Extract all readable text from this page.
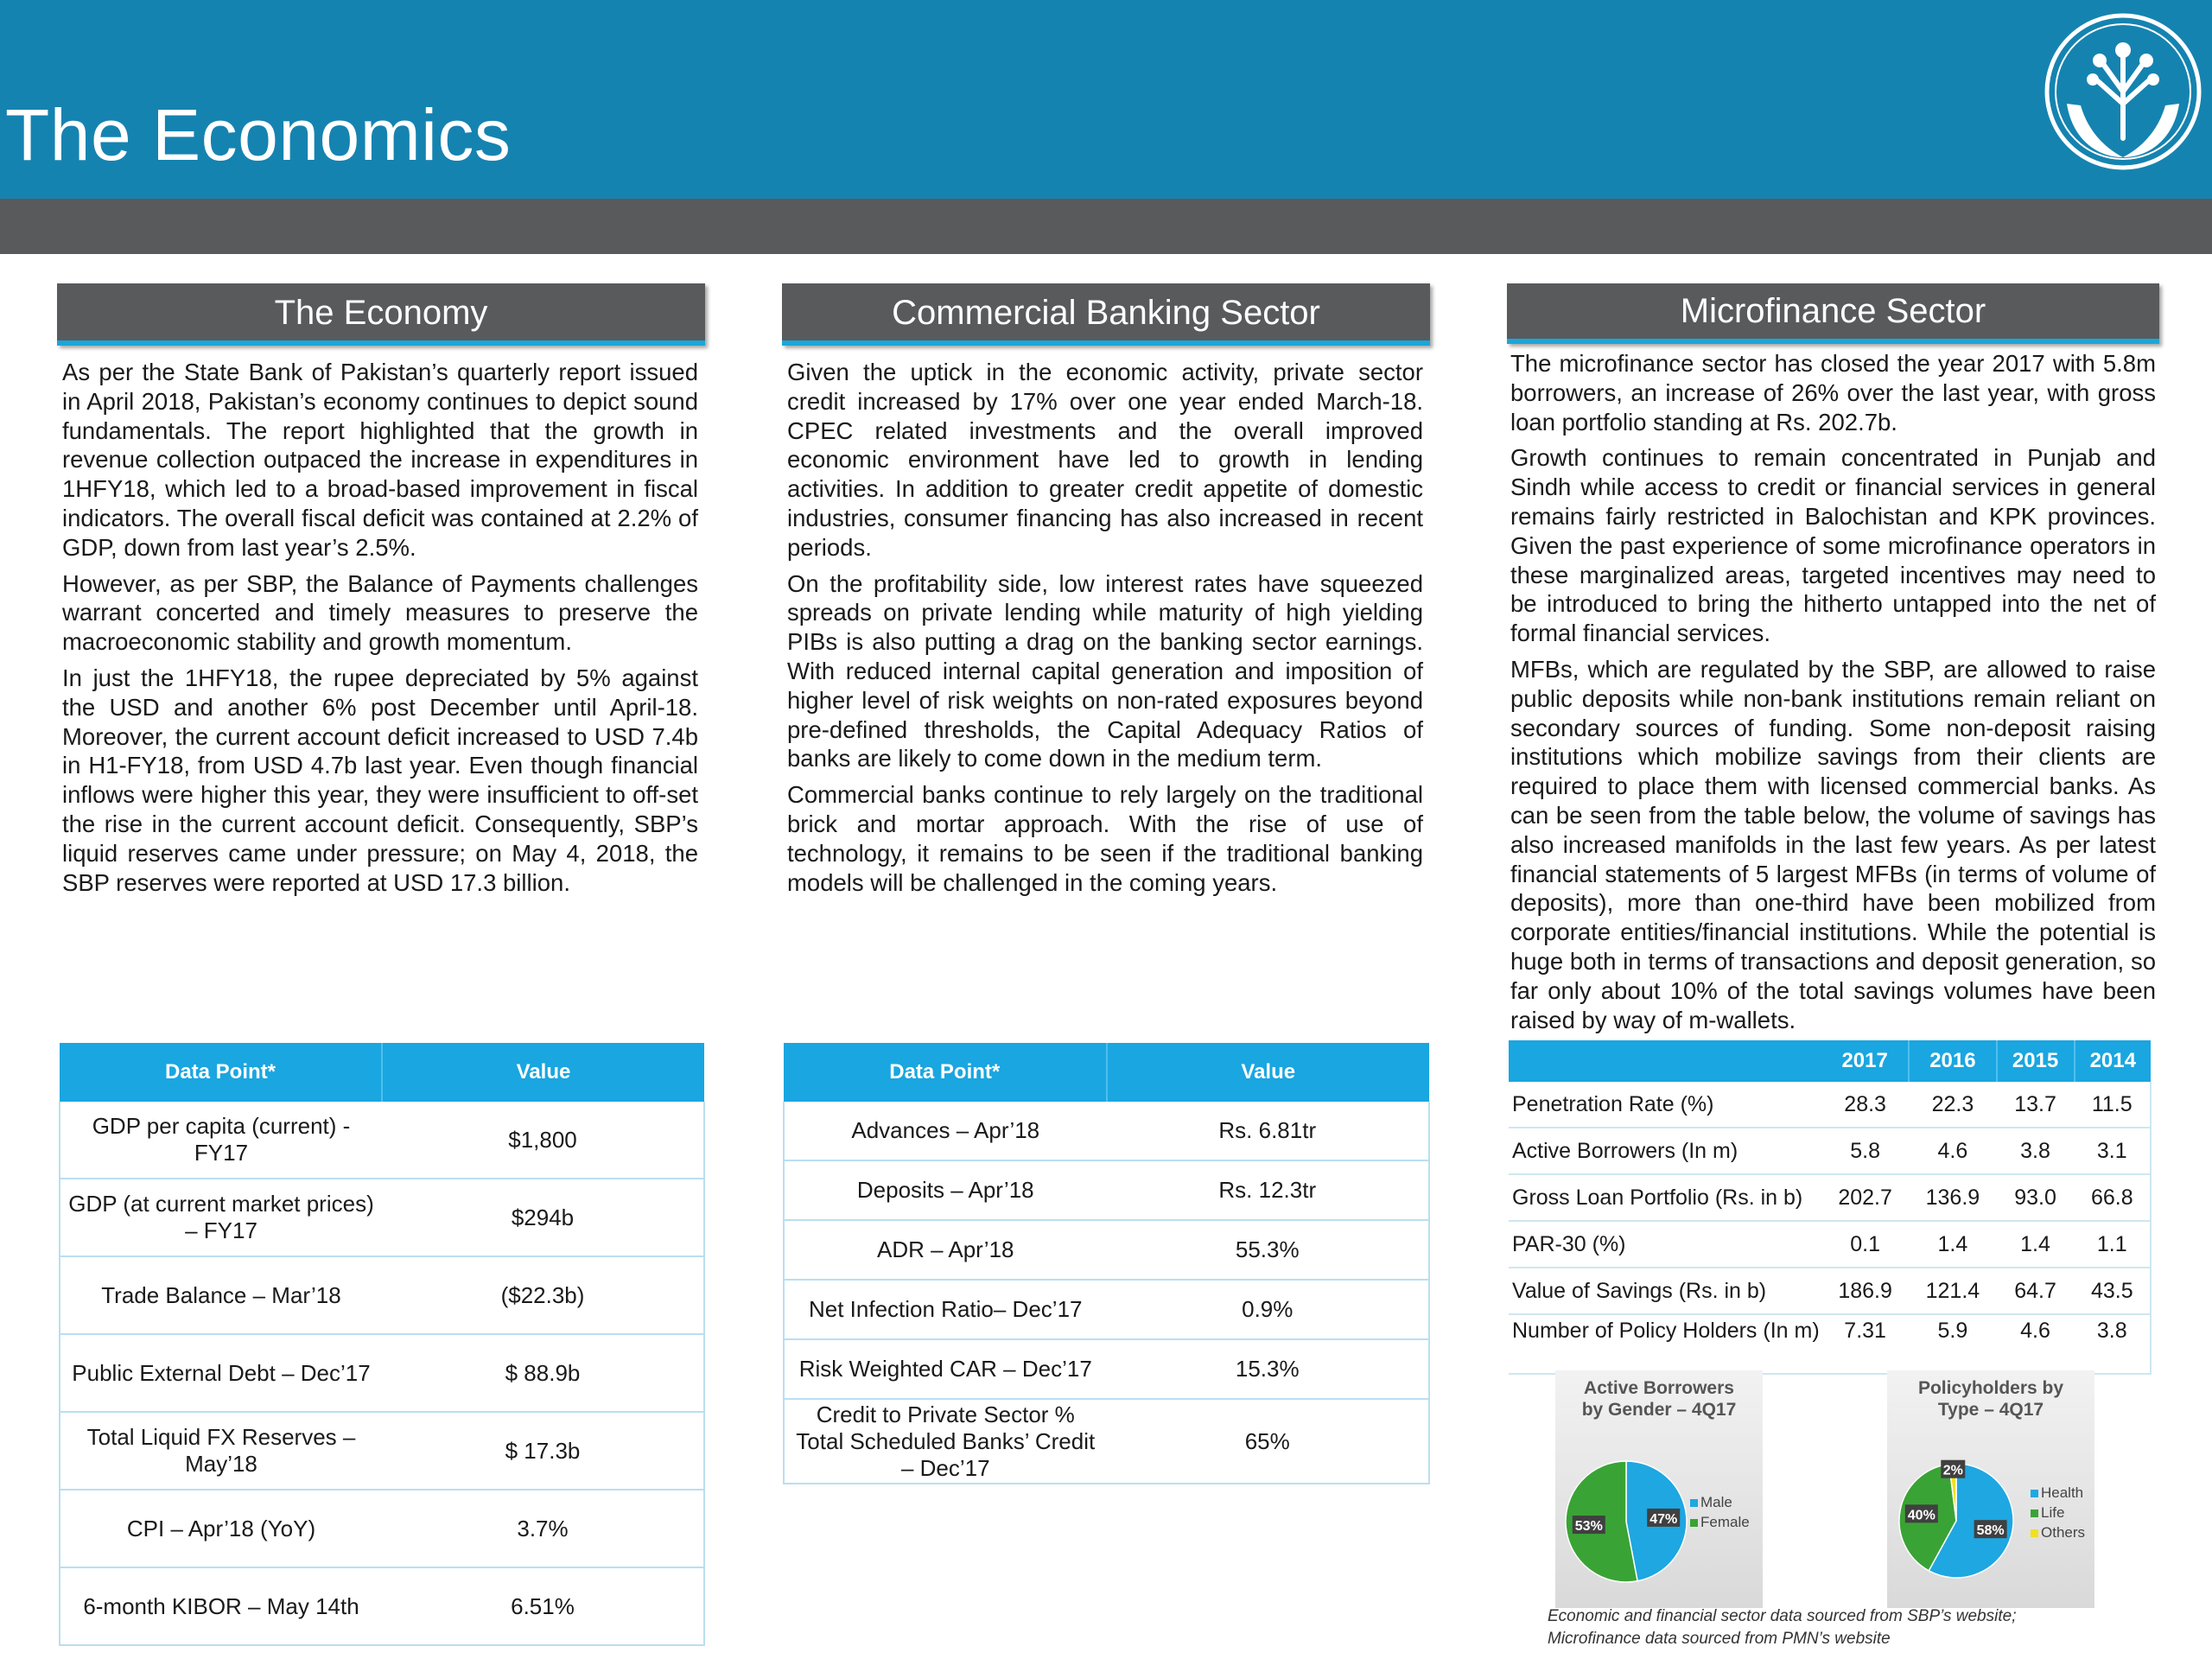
The Economics
The Economy

As per the State Bank of Pakistan’s quarterly report issued in April 2018, Pakistan’s economy continues to depict sound fundamentals. The report highlighted that the growth in revenue collection outpaced the increase in expenditures in 1HFY18, which led to a broad-based improvement in fiscal indicators. The overall fiscal deficit was contained at 2.2% of GDP, down from last year’s 2.5%.

However, as per SBP, the Balance of Payments challenges warrant concerted and timely measures to preserve the macroeconomic stability and growth momentum.

In just the 1HFY18, the rupee depreciated by 5% against the USD and another 6% post December until April-18. Moreover, the current account deficit increased to USD 7.4b in H1-FY18, from USD 4.7b last year. Even though financial inflows were higher this year, they were insufficient to off-set the rise in the current account deficit. Consequently, SBP’s liquid reserves came under pressure; on May 4, 2018, the SBP reserves were reported at USD 17.3 billion.

Data Point*	Value
GDP per capita (current) - FY17	$1,800
GDP (at current market prices) – FY17	$294b
Trade Balance – Mar’18	($22.3b)
Public External Debt – Dec’17	$ 88.9b
Total Liquid FX Reserves – May’18	$ 17.3b
CPI – Apr’18 (YoY)	3.7%
6-month KIBOR – May 14th	6.51%
Commercial Banking Sector

Given the uptick in the economic activity, private sector credit increased by 17% over one year ended March-18. CPEC related investments and the overall improved economic environment have led to growth in lending activities. In addition to greater credit appetite of domestic industries, consumer financing has also increased in recent periods.

On the profitability side, low interest rates have squeezed spreads on private lending while maturity of high yielding PIBs is also putting a drag on the banking sector earnings. With reduced internal capital generation and imposition of higher level of risk weights on non-rated exposures beyond pre-defined thresholds, the Capital Adequacy Ratios of banks are likely to come down in the medium term.

Commercial banks continue to rely largely on the traditional brick and mortar approach. With the rise of use of technology, it remains to be seen if the traditional banking models will be challenged in the coming years.

Data Point*	Value
Advances – Apr’18	Rs. 6.81tr
Deposits – Apr’18	Rs. 12.3tr
ADR – Apr’18	55.3%
Net Infection Ratio– Dec’17	0.9%
Risk Weighted CAR – Dec’17	15.3%
Credit to Private Sector % Total Scheduled Banks’ Credit – Dec’17	65%
Microfinance Sector

The microfinance sector has closed the year 2017 with 5.8m borrowers, an increase of 26% over the last year, with gross loan portfolio standing at Rs. 202.7b.

Growth continues to remain concentrated in Punjab and Sindh while access to credit or financial services in general remains fairly restricted in Balochistan and KPK provinces. Given the past experience of some microfinance operators in these marginalized areas, targeted incentives may need to be introduced to bring the hitherto untapped into the net of formal financial services.

MFBs, which are regulated by the SBP, are allowed to raise public deposits while non-bank institutions remain reliant on secondary sources of funding. Some non-deposit raising institutions which mobilize savings from their clients are required to place them with licensed commercial banks. As can be seen from the table below, the volume of savings has also increased manifolds in the last few years. As per latest financial statements of 5 largest MFBs (in terms of volume of deposits), more than one-third have been mobilized from corporate entities/financial institutions. While the potential is huge both in terms of transactions and deposit generation, so far only about 10% of the total savings volumes have been raised by way of m-wallets.

	2017	2016	2015	2014
Penetration Rate (%)	28.3	22.3	13.7	11.5
Active Borrowers (In m)	5.8	4.6	3.8	3.1
Gross Loan Portfolio (Rs. in b)	202.7	136.9	93.0	66.8
PAR-30 (%)	0.1	1.4	1.4	1.1
Value of Savings (Rs. in b)	186.9	121.4	64.7	43.5
Number of Policy Holders (In m)	7.31	5.9	4.6	3.8
Active Borrowers
by Gender – 4Q17
47%
53%
Male
Female
Policyholders by
Type – 4Q17
58%
40%
2%
Health
Life
Others
Economic and financial sector data sourced from SBP’s website;
Microfinance data sourced from PMN’s website
